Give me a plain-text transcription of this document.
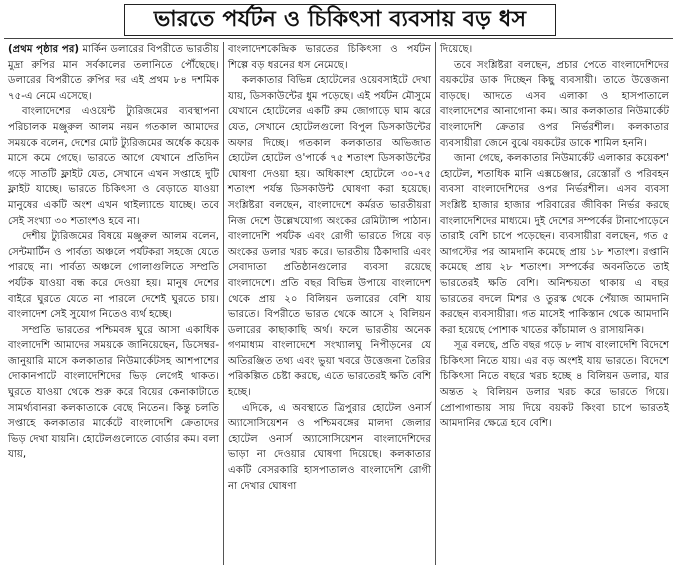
ভারতে পর্যটন ও চিকিৎসা ব্যবসায় বড় ধস

(প্রথম পৃষ্ঠার পর) মার্কিন ডলারের বিপরীতে ভারতীয় মুদ্রা রুপির মান সর্বকালের তলানিতে পৌঁছেছে। ডলারের বিপরীতে রুপির দর এই প্রথম ৮৪ দশমিক ৭৫-এ নেমে এসেছে।

বাংলাদেশের এওয়েন্ট ট্যুরিজমের ব্যবস্থাপনা পরিচালক মঞ্জুরুল আলম নয়ন গতকাল আমাদের সময়কে বলেন, দেশের মোট ট্যুরিজমের অর্ধেক কয়েক মাসে কমে গেছে। ভারতে আগে যেখানে প্রতিদিন গড়ে সাতটি ফ্লাইট যেত, সেখানে এখন সপ্তাহে দুটি ফ্লাইট যাচ্ছে। ভারতে চিকিৎসা ও বেড়াতে যাওয়া মানুষের একটি অংশ এখন থাইল্যান্ডে যাচ্ছে। তবে সেই সংখ্যা ৩০ শতাংশও হবে না।

দেশীয় ট্যুরিজমের বিষয়ে মঞ্জুরুল আলম বলেন, সেন্টমার্টিন ও পার্বত্য অঞ্চলে পর্যটকরা সহজে যেতে পারছে না। পার্বত্য অঞ্চলে গোলাগুলিতে সম্প্রতি পর্যটক যাওয়া বন্ধ করে দেওয়া হয়। মানুষ দেশের বাইরে ঘুরতে যেতে না পারলে দেশেই ঘুরতে চায়। বাংলাদেশ সেই সুযোগ নিতেও ব্যর্থ হচ্ছে।

সম্প্রতি ভারতের পশ্চিমবঙ্গ ঘুরে আসা একাধিক বাংলাদেশি আমাদের সময়কে জানিয়েছেন, ডিসেম্বর-জানুয়ারি মাসে কলকাতার নিউমার্কেটসহ আশপাশের দোকানপাটে বাংলাদেশিদের ভিড় লেগেই থাকত। ঘুরতে যাওয়া থেকে শুরু করে বিয়ের কেনাকাটাতে সামর্থ্যবানরা কলকাতাকে বেছে নিতেন। কিন্তু চলতি সপ্তাহে কলকাতার মার্কেটে বাংলাদেশি ক্রেতাদের ভিড় দেখা যায়নি। হোটেলগুলোতে বোর্ডার কম। বলা যায়,

বাংলাদেশকেন্দ্রিক ভারতের চিকিৎসা ও পর্যটন শিল্পে বড় ধরনের ধস নেমেছে।

কলকাতার বিভিন্ন হোটেলের ওয়েবসাইটে দেখা যায়, ডিসকাউন্টের ধুম পড়েছে। এই পর্যটন মৌসুমে যেখানে হোটেলের একটি রুম জোগাড়ে ঘাম ঝরে যেত, সেখানে হোটেলগুলো বিপুল ডিসকাউন্টের অফার দিচ্ছে। গতকাল কলকাতার অভিজাত হোটেল হোটেল ও'পার্কে ৭৫ শতাংশ ডিসকাউন্টের ঘোষণা দেওয়া হয়। অধিকাংশ হোটেলে ৩০-৭৫ শতাংশ পর্যন্ত ডিসকাউন্ট ঘোষণা করা হয়েছে। সংশ্লিষ্টরা বলছেন, বাংলাদেশে কর্মরত ভারতীয়রা নিজ দেশে উল্লেখযোগ্য অংকের রেমিট্যান্স পাঠান। বাংলাদেশি পর্যটক এবং রোগী ভারতে গিয়ে বড় অংকের ডলার খরচ করে। ভারতীয় ঠিকাদারি এবং সেবাদাতা প্রতিষ্ঠানগুলোর ব্যবসা রয়েছে বাংলাদেশে। প্রতি বছর বিভিন্ন উপায়ে বাংলাদেশ থেকে প্রায় ২০ বিলিয়ন ডলারের বেশি যায় ভারতে। বিপরীতে ভারত থেকে আসে ২ বিলিয়ন ডলারের কাছাকাছি অর্থ। ফলে ভারতীয় অনেক গণমাধ্যম বাংলাদেশে সংখ্যালঘু নিপীড়নের যে অতিরঞ্জিত তথ্য এবং ভুয়া খবরে উত্তেজনা তৈরির পরিকল্পিত চেষ্টা করছে, এতে ভারতেরই ক্ষতি বেশি হচ্ছে।

এদিকে, এ অবস্থাতে ত্রিপুরার হোটেল ওনার্স অ্যাসোসিয়েশন ও পশ্চিমবঙ্গের মালদা জেলার হোটেল ওনার্স অ্যাসোসিয়েশন বাংলাদেশিদের ভাড়া না দেওয়ার ঘোষণা দিয়েছে। কলকাতার একটি বেসরকারি হাসপাতালও বাংলাদেশি রোগী না দেখার ঘোষণা

দিয়েছে।

তবে সংশ্লিষ্টরা বলছেন, প্রচার পেতে বাংলাদেশিদের বয়কটের ডাক দিচ্ছেন কিছু ব্যবসায়ী। তাতে উত্তেজনা বাড়ছে। আদতে এসব এলাকা ও হাসপাতালে বাংলাদেশের আনাগোনা কম। আর কলকাতার নিউমার্কেট বাংলাদেশি ক্রেতার ওপর নির্ভরশীল। কলকাতার ব্যবসায়ীরা জেনে বুঝে বয়কটের ডাকে শামিল হননি।

জানা গেছে, কলকাতার নিউমার্কেট এলাকার কয়েকশ' হোটেল, শতাধিক মানি এক্সচেঞ্জার, রেস্তোরাঁ ও পরিবহন ব্যবসা বাংলাদেশিদের ওপর নির্ভরশীল। এসব ব্যবসা সংশ্লিষ্ট হাজার হাজার পরিবারের জীবিকা নির্ভর করছে বাংলাদেশিদের মাধ্যমে। দুই দেশের সম্পর্কের টানাপোড়েনে তারাই বেশি চাপে পড়েছেন। ব্যবসায়ীরা বলছেন, গত ৫ আগস্টের পর আমদানি কমেছে প্রায় ১৮ শতাংশ। রপ্তানি কমেছে প্রায় ২৮ শতাংশ। সম্পর্কের অবনতিতে তাই ভারতেরই ক্ষতি বেশি। অনিশ্চয়তা থাকায় এ বছর ভারতের বদলে মিশর ও তুরস্ক থেকে পেঁয়াজ আমদানি করছেন ব্যবসায়ীরা। গত মাসেই পাকিস্তান থেকে আমদানি করা হয়েছে পোশাক খাতের কাঁচামাল ও রাসায়নিক।

সূত্র বলছে, প্রতি বছর গড়ে ৮ লাখ বাংলাদেশি বিদেশে চিকিৎসা নিতে যায়। এর বড় অংশই যায় ভারতে। বিদেশে চিকিৎসা নিতে বছরে খরচ হচ্ছে ৪ বিলিয়ন ডলার, যার অন্তত ২ বিলিয়ন ডলার খরচ করে ভারতে গিয়ে। প্রোপাগান্ডায় সায় দিয়ে বয়কট কিংবা চাপে ভারতই আমদানির ক্ষেত্রে হবে বেশি।
